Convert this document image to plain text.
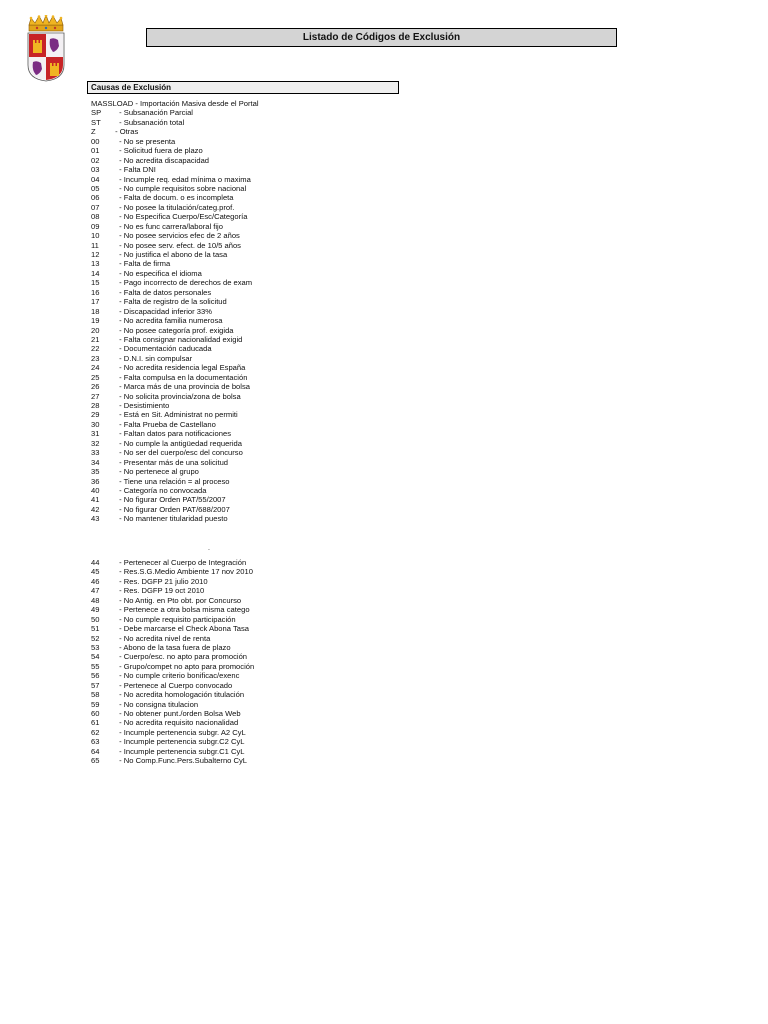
Listado de Códigos de Exclusión
Causas de Exclusión
MASSLOAD - Importación Masiva desde el Portal
SP - Subsanación Parcial
ST - Subsanación total
Z	- Otras
00	- No se presenta
01	- Solicitud fuera de plazo
02	- No acredita discapacidad
03	- Falta DNI
04	- Incumple req. edad mínima o maxima
05	- No cumple requisitos sobre nacional
06	- Falta de docum. o es incompleta
07	- No posee la titulación/categ.prof.
08	- No Especifica Cuerpo/Esc/Categoría
09	- No es func carrera/laboral fijo
10	- No posee servicios efec de 2 años
11	- No posee serv. efect. de 10/5 años
12	- No justifica el abono de la tasa
13	- Falta de firma
14	- No especifica el idioma
15	- Pago incorrecto de derechos de exam
16	- Falta de datos personales
17	- Falta de registro de la solicitud
18	- Discapacidad inferior 33%
19	- No acredita familia numerosa
20	- No posee categoría prof. exigida
21	- Falta consignar nacionalidad exigid
22	- Documentación caducada
23	- D.N.I. sin compulsar
24	- No acredita residencia legal España
25	- Falta compulsa en la documentación
26	- Marca más de una provincia de bolsa
27	- No solicita provincia/zona de bolsa
28	- Desistimiento
29	- Está en Sit. Administrat no permiti
30	- Falta Prueba de Castellano
31	- Faltan datos para notificaciones
32	- No cumple la antigüedad requerida
33	- No ser del cuerpo/esc del concurso
34	- Presentar más de una solicitud
35	- No pertenece al grupo
36	- Tiene una relación = al proceso
40	- Categoría no convocada
41	- No figurar Orden PAT/55/2007
42	- No figurar Orden PAT/688/2007
43	- No mantener titularidad puesto
.
44	- Pertenecer al Cuerpo de Integración
45	- Res.S.G.Medio Ambiente 17 nov 2010
46	- Res. DGFP 21 julio 2010
47	- Res. DGFP 19 oct 2010
48	- No Antig. en Pto obt. por Concurso
49	- Pertenece a otra bolsa misma catego
50	- No cumple requisito participación
51	- Debe marcarse el Check Abona Tasa
52	- No acredita nivel de renta
53	- Abono de la tasa fuera de plazo
54	- Cuerpo/esc. no apto para promoción
55	- Grupo/compet no apto para promoción
56	- No cumple criterio bonificac/exenc
57	- Pertenece al Cuerpo convocado
58	- No acredita homologación titulación
59	- No consigna titulacion
60	- No obtener punt./orden Bolsa Web
61	- No acredita requisito nacionalidad
62	- Incumple pertenencia subgr. A2 CyL
63	- Incumple pertenencia subgr.C2 CyL
64	- Incumple pertenencia subgr.C1 CyL
65	- No Comp.Func.Pers.Subalterno CyL
